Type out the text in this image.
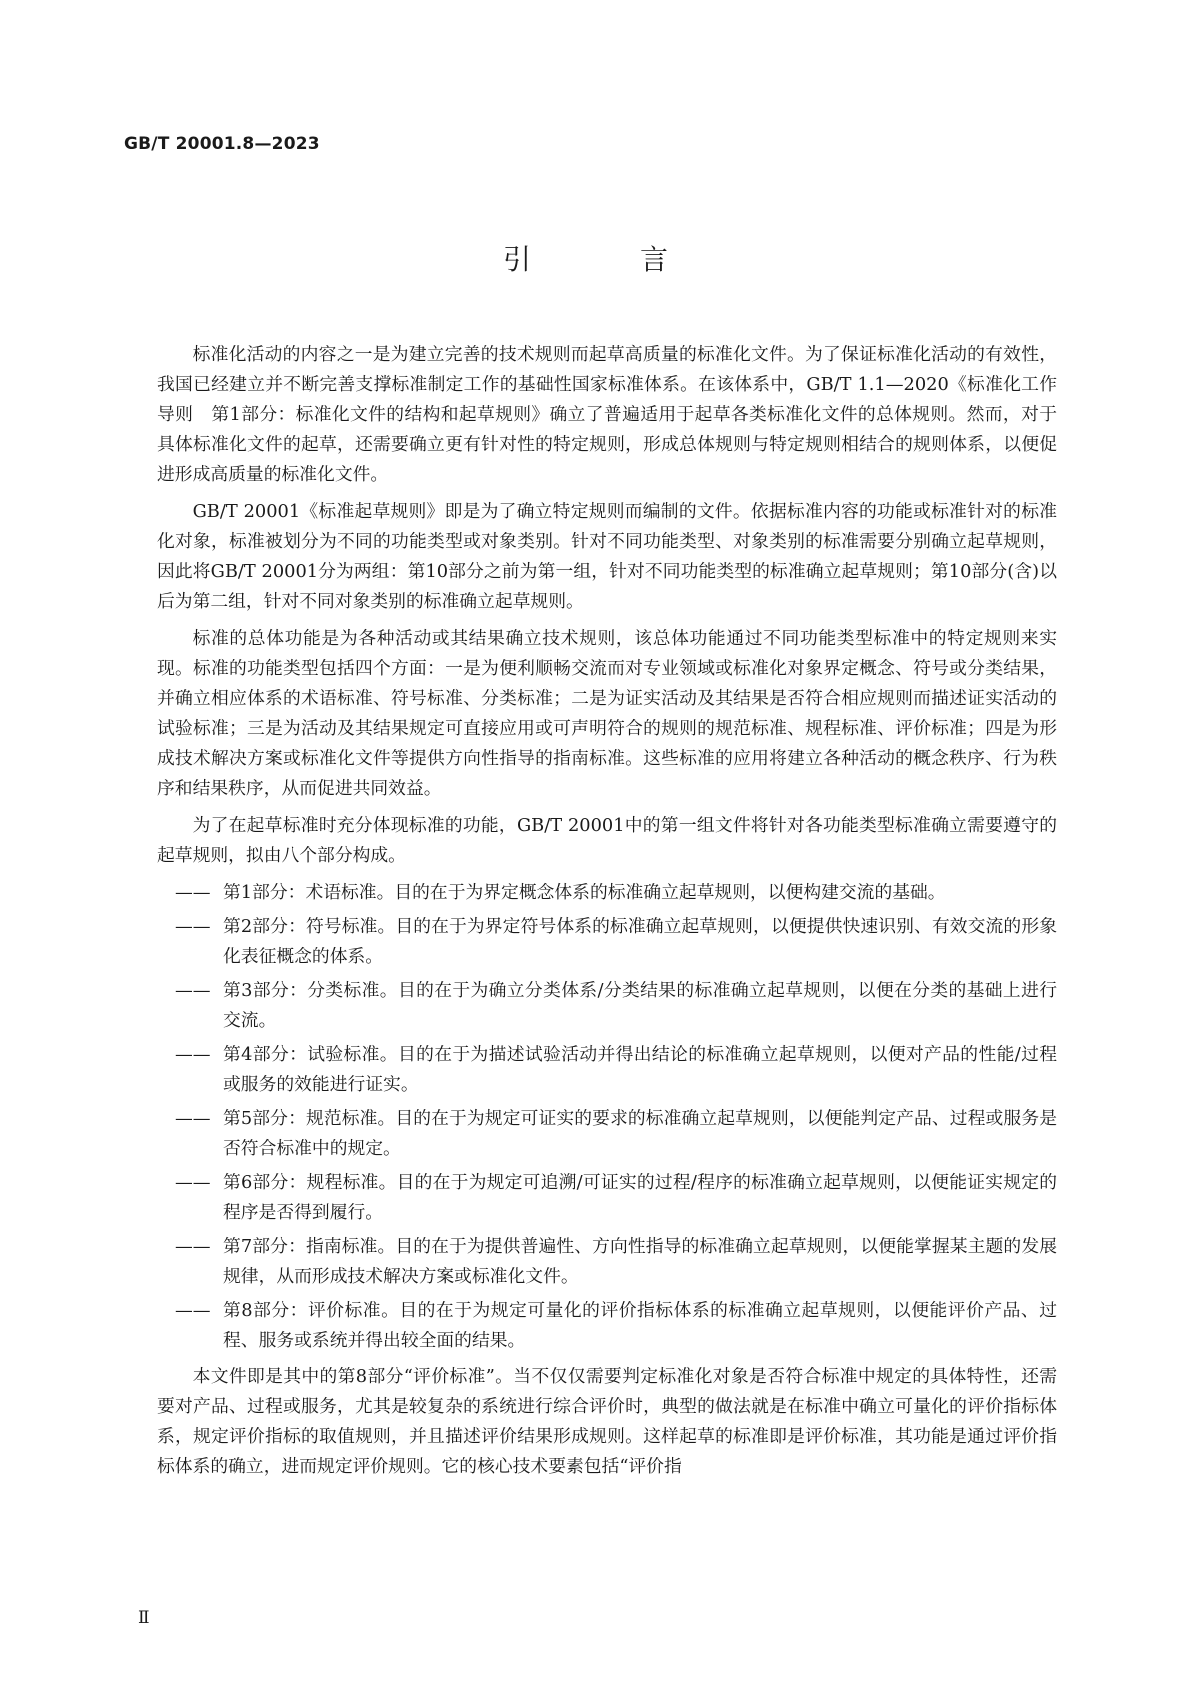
GB/T 20001.8—2023
引 言

标准化活动的内容之一是为建立完善的技术规则而起草高质量的标准化文件。为了保证标准化活动的有效性，我国已经建立并不断完善支撑标准制定工作的基础性国家标准体系。在该体系中，GB/T 1.1—2020《标准化工作导则　第1部分：标准化文件的结构和起草规则》确立了普遍适用于起草各类标准化文件的总体规则。然而，对于具体标准化文件的起草，还需要确立更有针对性的特定规则，形成总体规则与特定规则相结合的规则体系，以便促进形成高质量的标准化文件。

GB/T 20001《标准起草规则》即是为了确立特定规则而编制的文件。依据标准内容的功能或标准针对的标准化对象，标准被划分为不同的功能类型或对象类别。针对不同功能类型、对象类别的标准需要分别确立起草规则，因此将GB/T 20001分为两组：第10部分之前为第一组，针对不同功能类型的标准确立起草规则；第10部分(含)以后为第二组，针对不同对象类别的标准确立起草规则。

标准的总体功能是为各种活动或其结果确立技术规则，该总体功能通过不同功能类型标准中的特定规则来实现。标准的功能类型包括四个方面：一是为便利顺畅交流而对专业领域或标准化对象界定概念、符号或分类结果，并确立相应体系的术语标准、符号标准、分类标准；二是为证实活动及其结果是否符合相应规则而描述证实活动的试验标准；三是为活动及其结果规定可直接应用或可声明符合的规则的规范标准、规程标准、评价标准；四是为形成技术解决方案或标准化文件等提供方向性指导的指南标准。这些标准的应用将建立各种活动的概念秩序、行为秩序和结果秩序，从而促进共同效益。

为了在起草标准时充分体现标准的功能，GB/T 20001中的第一组文件将针对各功能类型标准确立需要遵守的起草规则，拟由八个部分构成。

—— 第1部分：术语标准。目的在于为界定概念体系的标准确立起草规则，以便构建交流的基础。
—— 第2部分：符号标准。目的在于为界定符号体系的标准确立起草规则，以便提供快速识别、有效交流的形象化表征概念的体系。
—— 第3部分：分类标准。目的在于为确立分类体系/分类结果的标准确立起草规则，以便在分类的基础上进行交流。
—— 第4部分：试验标准。目的在于为描述试验活动并得出结论的标准确立起草规则，以便对产品的性能/过程或服务的效能进行证实。
—— 第5部分：规范标准。目的在于为规定可证实的要求的标准确立起草规则，以便能判定产品、过程或服务是否符合标准中的规定。
—— 第6部分：规程标准。目的在于为规定可追溯/可证实的过程/程序的标准确立起草规则，以便能证实规定的程序是否得到履行。
—— 第7部分：指南标准。目的在于为提供普遍性、方向性指导的标准确立起草规则，以便能掌握某主题的发展规律，从而形成技术解决方案或标准化文件。
—— 第8部分：评价标准。目的在于为规定可量化的评价指标体系的标准确立起草规则，以便能评价产品、过程、服务或系统并得出较全面的结果。

本文件即是其中的第8部分“评价标准”。当不仅仅需要判定标准化对象是否符合标准中规定的具体特性，还需要对产品、过程或服务，尤其是较复杂的系统进行综合评价时，典型的做法就是在标准中确立可量化的评价指标体系，规定评价指标的取值规则，并且描述评价结果形成规则。这样起草的标准即是评价标准，其功能是通过评价指标体系的确立，进而规定评价规则。它的核心技术要素包括“评价指

Ⅱ
